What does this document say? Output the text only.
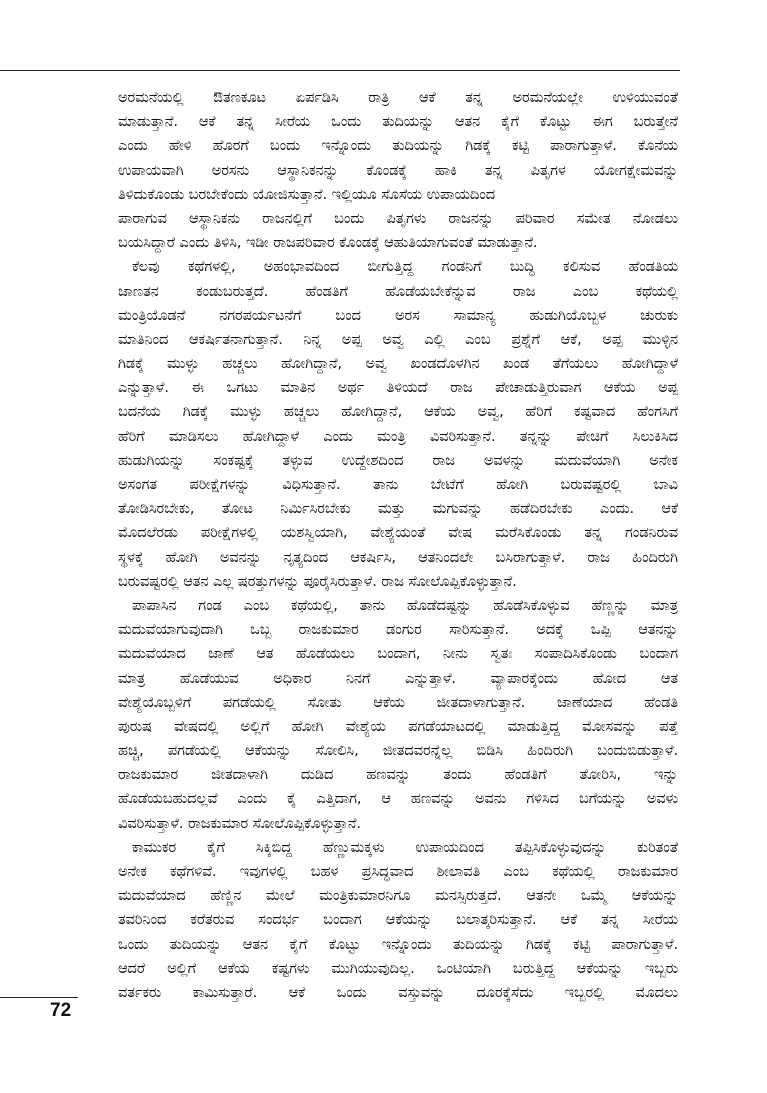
ಅರಮನೆಯಲ್ಲಿ ಔತಣಕೂಟ ಏರ್ಪಡಿಸಿ ರಾತ್ರಿ ಆಕೆ ತನ್ನ ಅರಮನೆಯಲ್ಲೇ ಉಳಿಯುವಂತೆ
ಮಾಡುತ್ತಾನೆ. ಆಕೆ ತನ್ನ ಸೀರೆಯ ಒಂದು ತುದಿಯನ್ನು ಆತನ ಕೈಗೆ ಕೊಟ್ಟು ಈಗ ಬರುತ್ತೇನೆ
ಎಂದು ಹೇಳಿ ಹೊರಗೆ ಬಂದು ಇನ್ನೊಂದು ತುದಿಯನ್ನು ಗಿಡಕ್ಕೆ ಕಟ್ಟಿ ಪಾರಾಗುತ್ತಾಳೆ. ಕೊನೆಯ
ಉಪಾಯವಾಗಿ ಅರಸನು ಆಸ್ಥಾನಿಕನನ್ನು ಕೊಂಡಕ್ಕೆ ಹಾಕಿ ತನ್ನ ಪಿತೃಗಳ ಯೋಗಕ್ಷೇಮವನ್ನು
ತಿಳಿದುಕೊಂಡು ಬರಬೇಕೆಂದು ಯೋಜಿಸುತ್ತಾನೆ. ಇಲ್ಲಿಯೂ ಸೊಸೆಯ ಉಪಾಯದಿಂದ
ಪಾರಾಗುವ ಆಸ್ಥಾನಿಕನು ರಾಜನಲ್ಲಿಗೆ ಬಂದು ಪಿತೃಗಳು ರಾಜನನ್ನು ಪರಿವಾರ ಸಮೇತ ನೋಡಲು
ಬಯಸಿದ್ದಾರೆ ಎಂದು ತಿಳಿಸಿ, ಇಡೀ ರಾಜಪರಿವಾರ ಕೊಂಡಕ್ಕೆ ಆಹುತಿಯಾಗುವಂತೆ ಮಾಡುತ್ತಾನೆ.
ಕೆಲವು ಕಥೆಗಳಲ್ಲಿ, ಅಹಂಭಾವದಿಂದ ಬೀಗುತ್ತಿದ್ದ ಗಂಡನಿಗೆ ಬುದ್ಧಿ ಕಲಿಸುವ ಹೆಂಡತಿಯ
ಜಾಣತನ ಕಂಡುಬರುತ್ತದೆ. ಹೆಂಡತಿಗೆ ಹೊಡೆಯಬೇಕೆನ್ನುವ ರಾಜ ಎಂಬ ಕಥೆಯಲ್ಲಿ
ಮಂತ್ರಿಯೊಡನೆ ನಗರಪರ್ಯಟನೆಗೆ ಬಂದ ಅರಸ ಸಾಮಾನ್ಯ ಹುಡುಗಿಯೊಬ್ಬಳ ಚುರುಕು
ಮಾತಿನಿಂದ ಆಕರ್ಷಿತನಾಗುತ್ತಾನೆ. ನಿನ್ನ ಅಪ್ಪ ಅವ್ವ ಎಲ್ಲಿ ಎಂಬ ಪ್ರಶ್ನೆಗೆ ಆಕೆ, ಅಪ್ಪ ಮುಳ್ಳಿನ
ಗಿಡಕ್ಕೆ ಮುಳ್ಳು ಹಚ್ಚಲು ಹೋಗಿದ್ದಾನೆ, ಅವ್ವ ಖಂಡದೊಳಗಿನ ಖಂಡ ತೆಗೆಯಲು ಹೋಗಿದ್ದಾಳೆ
ಎನ್ನುತ್ತಾಳೆ. ಈ ಒಗಟು ಮಾತಿನ ಅರ್ಥ ತಿಳಿಯದೆ ರಾಜ ಪೇಚಾಡುತ್ತಿರುವಾಗ ಆಕೆಯ ಅಪ್ಪ
ಬದನೆಯ ಗಿಡಕ್ಕೆ ಮುಳ್ಳು ಹಚ್ಚಲು ಹೋಗಿದ್ದಾನೆ, ಆಕೆಯ ಅವ್ವ, ಹೆರಿಗೆ ಕಷ್ಟವಾದ ಹೆಂಗಸಿಗೆ
ಹೆರಿಗೆ ಮಾಡಿಸಲು ಹೋಗಿದ್ದಾಳೆ ಎಂದು ಮಂತ್ರಿ ವಿವರಿಸುತ್ತಾನೆ. ತನ್ನನ್ನು ಪೇಚಿಗೆ ಸಿಲುಕಿಸಿದ
ಹುಡುಗಿಯನ್ನು ಸಂಕಷ್ಟಕ್ಕೆ ತಳ್ಳುವ ಉದ್ದೇಶದಿಂದ ರಾಜ ಅವಳನ್ನು ಮದುವೆಯಾಗಿ ಅನೇಕ
ಅಸಂಗತ ಪರೀಕ್ಷೆಗಳನ್ನು ವಿಧಿಸುತ್ತಾನೆ. ತಾನು ಬೇಟೆಗೆ ಹೋಗಿ ಬರುವಷ್ಟರಲ್ಲಿ ಬಾವಿ
ತೋಡಿಸಿರಬೇಕು, ತೋಟ ನಿರ್ಮಿಸಿರಬೇಕು ಮತ್ತು ಮಗುವನ್ನು ಹಡೆದಿರಬೇಕು ಎಂದು. ಆಕೆ
ಮೊದಲೆರಡು ಪರೀಕ್ಷೆಗಳಲ್ಲಿ ಯಶಸ್ವಿಯಾಗಿ, ವೇಶ್ಯೆಯಂತೆ ವೇಷ ಮರೆಸಿಕೊಂಡು ತನ್ನ ಗಂಡನಿರುವ
ಸ್ಥಳಕ್ಕೆ ಹೋಗಿ ಅವನನ್ನು ನೃತ್ಯದಿಂದ ಆಕರ್ಷಿಸಿ, ಆತನಿಂದಲೇ ಬಸಿರಾಗುತ್ತಾಳೆ. ರಾಜ ಹಿಂದಿರುಗಿ
ಬರುವಷ್ಟರಲ್ಲಿ ಆತನ ಎಲ್ಲ ಷರತ್ತುಗಳನ್ನು ಪೂರೈಸಿರುತ್ತಾಳೆ. ರಾಜ ಸೋಲೊಪ್ಪಿಕೊಳ್ಳುತ್ತಾನೆ.
ಪಾಪಾಸಿನ ಗಂಡ ಎಂಬ ಕಥೆಯಲ್ಲಿ, ತಾನು ಹೊಡೆದಷ್ಟನ್ನು ಹೊಡೆಸಿಕೊಳ್ಳುವ ಹೆಣ್ಣನ್ನು ಮಾತ್ರ
ಮದುವೆಯಾಗುವುದಾಗಿ ಒಬ್ಬ ರಾಜಕುಮಾರ ಡಂಗುರ ಸಾರಿಸುತ್ತಾನೆ. ಅದಕ್ಕೆ ಒಪ್ಪಿ ಆತನನ್ನು
ಮದುವೆಯಾದ ಜಾಣೆ ಆತ ಹೊಡೆಯಲು ಬಂದಾಗ, ನೀನು ಸ್ವತಃ ಸಂಪಾದಿಸಿಕೊಂಡು ಬಂದಾಗ
ಮಾತ್ರ ಹೊಡೆಯುವ ಅಧಿಕಾರ ನಿನಗೆ ಎನ್ನುತ್ತಾಳೆ. ವ್ಯಾಪಾರಕ್ಕೆಂದು ಹೋದ ಆತ
ವೇಶ್ಯೆಯೊಬ್ಬಳಿಗೆ ಪಗಡೆಯಲ್ಲಿ ಸೋತು ಆಕೆಯ ಜೀತದಾಳಾಗುತ್ತಾನೆ. ಜಾಣೆಯಾದ ಹೆಂಡತಿ
ಪುರುಷ ವೇಷದಲ್ಲಿ ಅಲ್ಲಿಗೆ ಹೋಗಿ ವೇಶ್ಯೆಯ ಪಗಡೆಯಾಟದಲ್ಲಿ ಮಾಡುತ್ತಿದ್ದ ಮೋಸವನ್ನು ಪತ್ತೆ
ಹಚ್ಚಿ, ಪಗಡೆಯಲ್ಲಿ ಆಕೆಯನ್ನು ಸೋಲಿಸಿ, ಜೀತದವರನ್ನೆಲ್ಲ ಬಿಡಿಸಿ ಹಿಂದಿರುಗಿ ಬಂದುಬಿಡುತ್ತಾಳೆ.
ರಾಜಕುಮಾರ ಜೀತದಾಳಾಗಿ ದುಡಿದ ಹಣವನ್ನು ತಂದು ಹೆಂಡತಿಗೆ ತೋರಿಸಿ, ಇನ್ನು
ಹೊಡೆಯಬಹುದಲ್ಲವೆ ಎಂದು ಕೈ ಎತ್ತಿದಾಗ, ಆ ಹಣವನ್ನು ಅವನು ಗಳಿಸಿದ ಬಗೆಯನ್ನು ಅವಳು
ವಿವರಿಸುತ್ತಾಳೆ. ರಾಜಕುಮಾರ ಸೋಲೊಪ್ಪಿಕೊಳ್ಳುತ್ತಾನೆ.
ಕಾಮುಕರ ಕೈಗೆ ಸಿಕ್ಕಿಬಿದ್ದ ಹೆಣ್ಣುಮಕ್ಕಳು ಉಪಾಯದಿಂದ ತಪ್ಪಿಸಿಕೊಳ್ಳುವುದನ್ನು ಕುರಿತಂತೆ
ಅನೇಕ ಕಥೆಗಳಿವೆ. ಇವುಗಳಲ್ಲಿ ಬಹಳ ಪ್ರಸಿದ್ಧವಾದ ಶೀಲಾವತಿ ಎಂಬ ಕಥೆಯಲ್ಲಿ ರಾಜಕುಮಾರ
ಮದುವೆಯಾದ ಹೆಣ್ಣಿನ ಮೇಲೆ ಮಂತ್ರಿಕುಮಾರನಿಗೂ ಮನಸ್ಸಿರುತ್ತದೆ. ಆತನೇ ಒಮ್ಮೆ ಆಕೆಯನ್ನು
ತವರಿನಿಂದ ಕರೆತರುವ ಸಂದರ್ಭ ಬಂದಾಗ ಆಕೆಯನ್ನು ಬಲಾತ್ಕರಿಸುತ್ತಾನೆ. ಆಕೆ ತನ್ನ ಸೀರೆಯ
ಒಂದು ತುದಿಯನ್ನು ಆತನ ಕೈಗೆ ಕೊಟ್ಟು ಇನ್ನೊಂದು ತುದಿಯನ್ನು ಗಿಡಕ್ಕೆ ಕಟ್ಟಿ ಪಾರಾಗುತ್ತಾಳೆ.
ಆದರೆ ಅಲ್ಲಿಗೆ ಆಕೆಯ ಕಷ್ಟಗಳು ಮುಗಿಯುವುದಿಲ್ಲ. ಒಂಟಿಯಾಗಿ ಬರುತ್ತಿದ್ದ ಆಕೆಯನ್ನು ಇಬ್ಬರು
ವರ್ತಕರು ಕಾಮಿಸುತ್ತಾರೆ. ಆಕೆ ಒಂದು ವಸ್ತುವನ್ನು ದೂರಕ್ಕೆಸೆದು ಇಬ್ಬರಲ್ಲಿ ಮೊದಲು
72
